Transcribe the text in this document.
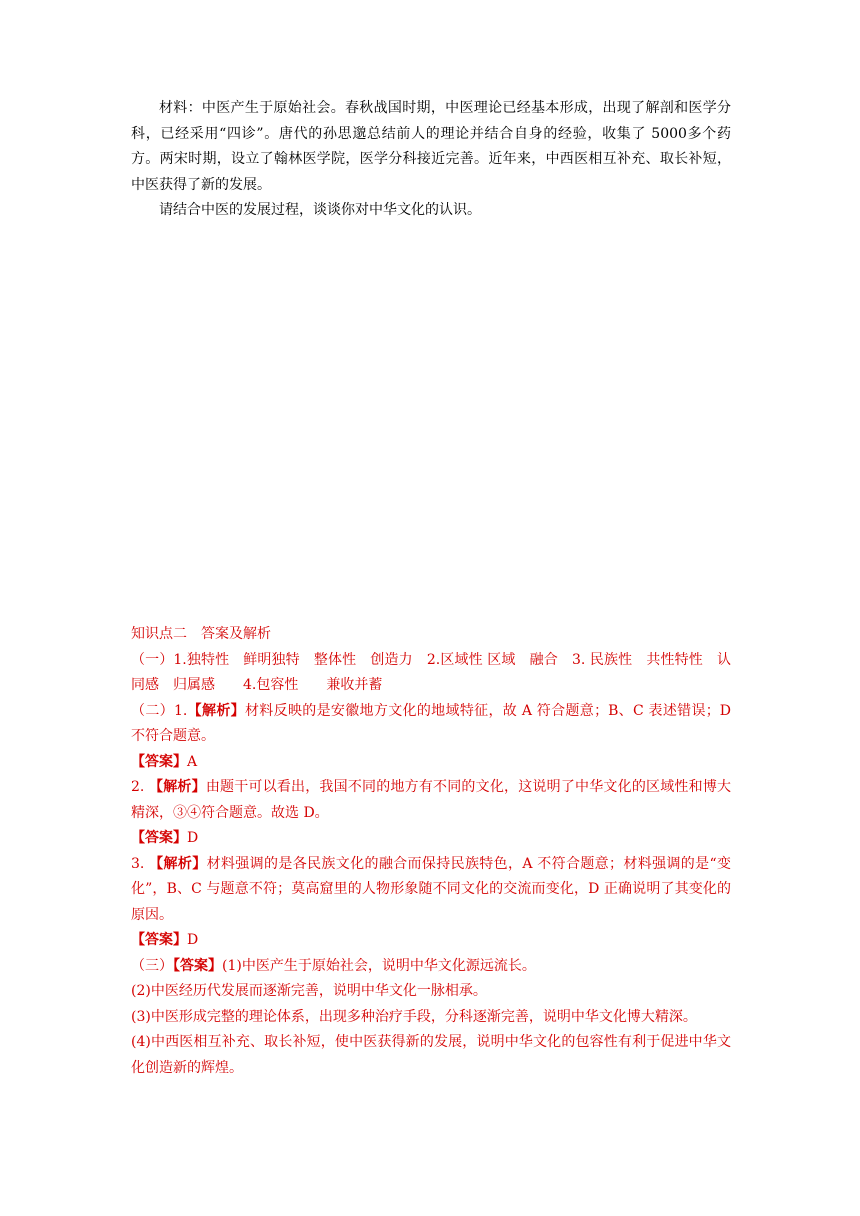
材料：中医产生于原始社会。春秋战国时期，中医理论已经基本形成，出现了解剖和医学分科，已经采用“四诊”。唐代的孙思邈总结前人的理论并结合自身的经验，收集了 5000多个药方。两宋时期，设立了翰林医学院，医学分科接近完善。近年来，中西医相互补充、取长补短，中医获得了新的发展。

请结合中医的发展过程，谈谈你对中华文化的认识。

知识点二　答案及解析

（一）1.独特性　鲜明独特　整体性　创造力　2.区域性 区域　融合　3. 民族性　共性特性　认同感　归属感　　4.包容性　　兼收并蓄

（二）1.【解析】材料反映的是安徽地方文化的地域特征，故 A 符合题意；B、C 表述错误；D 不符合题意。

【答案】A

2. 【解析】由题干可以看出，我国不同的地方有不同的文化，这说明了中华文化的区域性和博大精深，③④符合题意。故选 D。

【答案】D

3. 【解析】材料强调的是各民族文化的融合而保持民族特色，A 不符合题意；材料强调的是“变化”，B、C 与题意不符；莫高窟里的人物形象随不同文化的交流而变化，D 正确说明了其变化的原因。

【答案】D

（三）【答案】(1)中医产生于原始社会，说明中华文化源远流长。

(2)中医经历代发展而逐渐完善，说明中华文化一脉相承。

(3)中医形成完整的理论体系，出现多种治疗手段，分科逐渐完善，说明中华文化博大精深。

(4)中西医相互补充、取长补短，使中医获得新的发展，说明中华文化的包容性有利于促进中华文化创造新的辉煌。
